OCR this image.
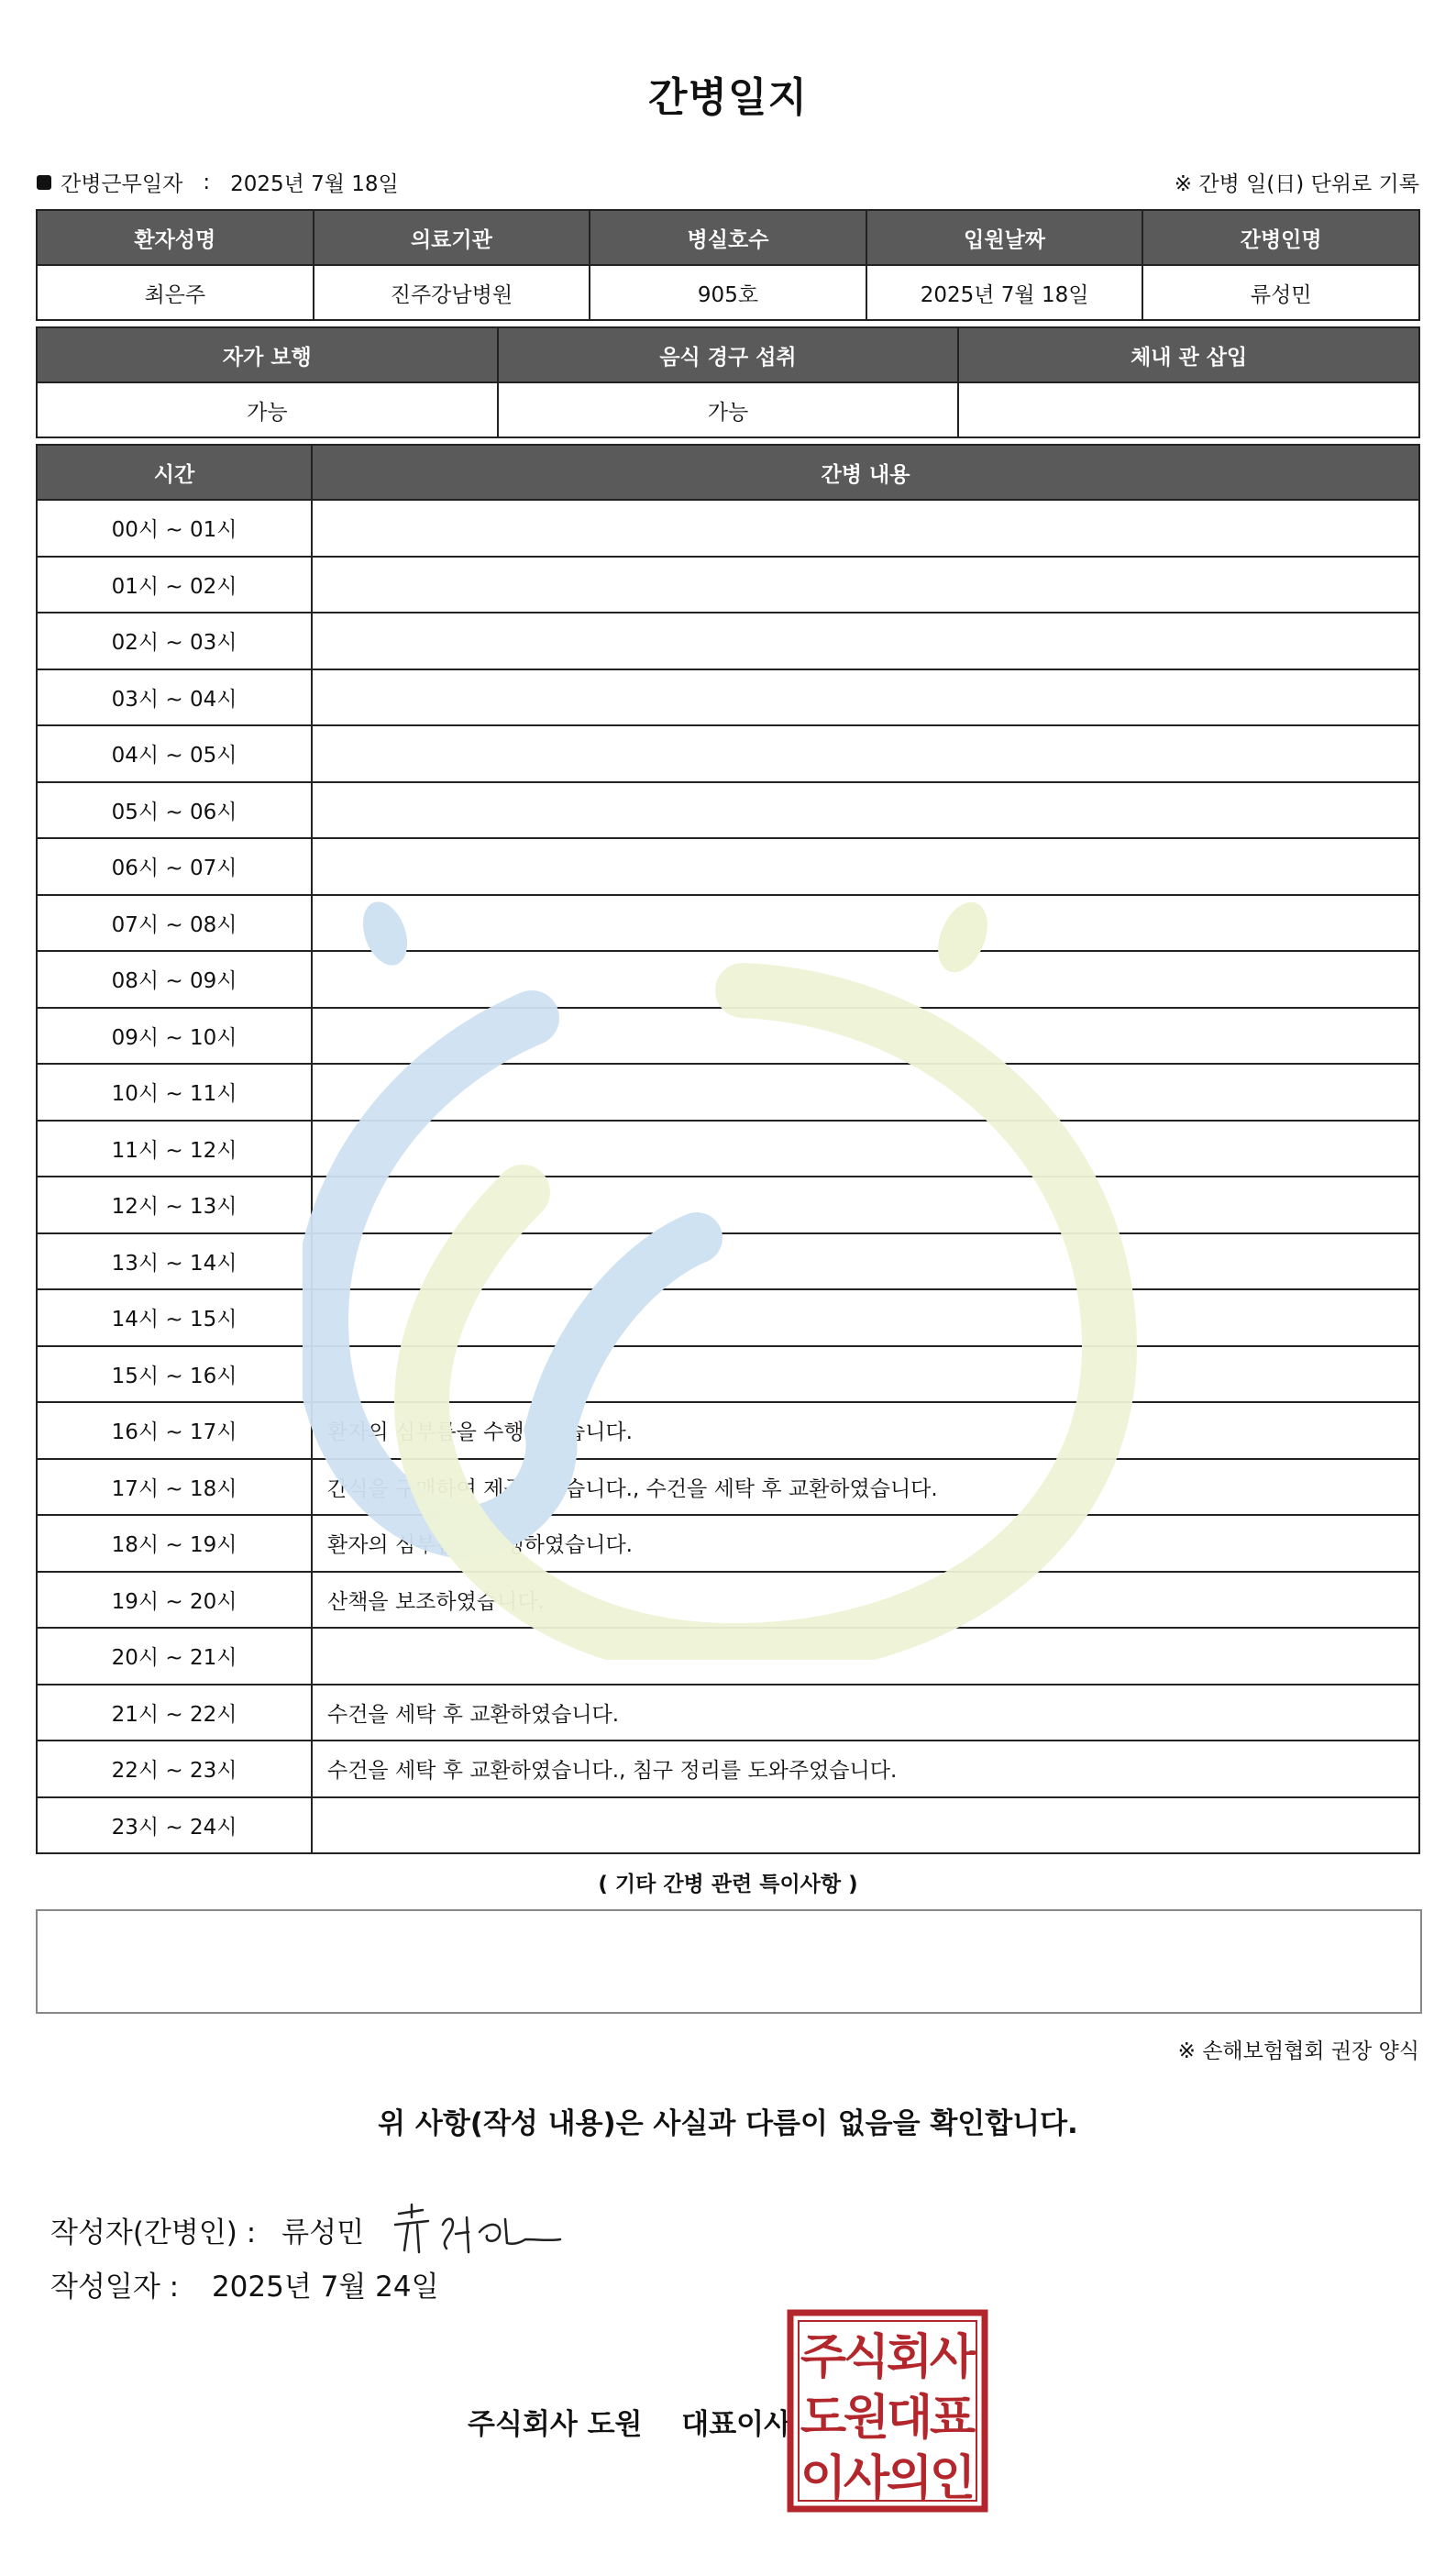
간병일지
간병근무일자 : 2025년 7월 18일	※ 간병 일(日) 단위로 기록
환자성명	의료기관	병실호수	입원날짜	간병인명
최은주	진주강남병원	905호	2025년 7월 18일	류성민
자가 보행	음식 경구 섭취	체내 관 삽입
가능	가능	
시간	간병 내용
00시 ~ 01시	
01시 ~ 02시	
02시 ~ 03시	
03시 ~ 04시	
04시 ~ 05시	
05시 ~ 06시	
06시 ~ 07시	
07시 ~ 08시	
08시 ~ 09시	
09시 ~ 10시	
10시 ~ 11시	
11시 ~ 12시	
12시 ~ 13시	
13시 ~ 14시	
14시 ~ 15시	
15시 ~ 16시	
16시 ~ 17시	환자의 심부름을 수행하였습니다.
17시 ~ 18시	간식을 구매하여 제공하였습니다., 수건을 세탁 후 교환하였습니다.
18시 ~ 19시	환자의 심부름을 수행하였습니다.
19시 ~ 20시	산책을 보조하였습니다.
20시 ~ 21시	
21시 ~ 22시	수건을 세탁 후 교환하였습니다.
22시 ~ 23시	수건을 세탁 후 교환하였습니다., 침구 정리를 도와주었습니다.
23시 ~ 24시	
( 기타 간병 관련 특이사항 )
※ 손해보험협회 권장 양식
위 사항(작성 내용)은 사실과 다름이 없음을 확인합니다.
작성자(간병인) : 류성민
작성일자 : 2025년 7월 24일
주식회사 도원 대표이사
주
식
회
사
도
원
대
표
이
사
의
인
